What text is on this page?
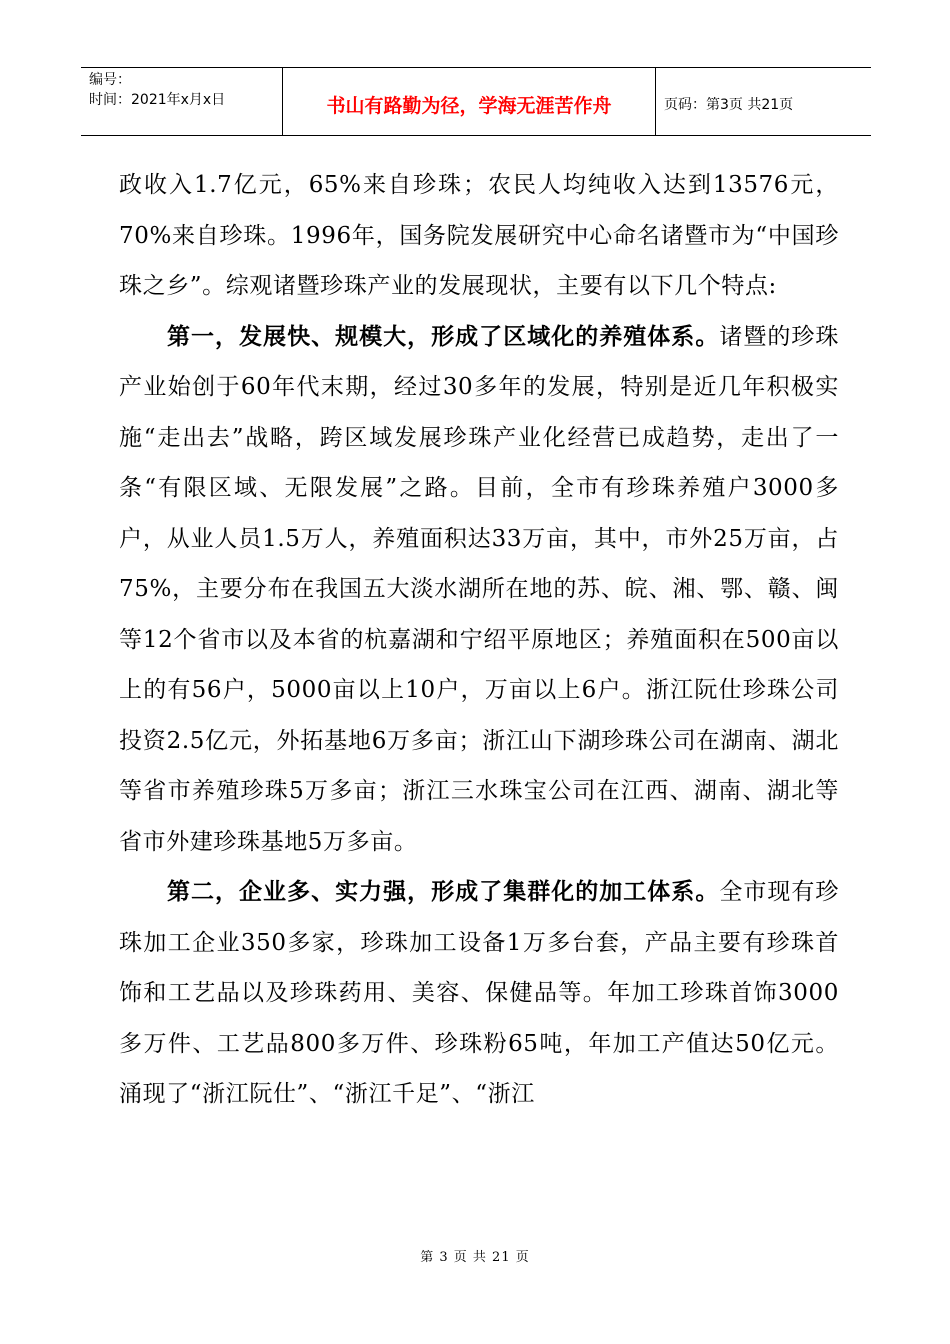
编号：
时间：2021年x月x日	书山有路勤为径，学海无涯苦作舟	页码：第3页 共21页

政收入1.7亿元，65%来自珍珠；农民人均纯收入达到13576元，70%来自珍珠。1996年，国务院发展研究中心命名诸暨市为“中国珍珠之乡”。综观诸暨珍珠产业的发展现状，主要有以下几个特点:

第一，发展快、规模大，形成了区域化的养殖体系。诸暨的珍珠产业始创于60年代末期，经过30多年的发展，特别是近几年积极实施“走出去”战略，跨区域发展珍珠产业化经营已成趋势，走出了一条“有限区域、无限发展”之路。目前，全市有珍珠养殖户3000多户，从业人员1.5万人，养殖面积达33万亩，其中，市外25万亩，占75%，主要分布在我国五大淡水湖所在地的苏、皖、湘、鄂、赣、闽等12个省市以及本省的杭嘉湖和宁绍平原地区；养殖面积在500亩以上的有56户，5000亩以上10户，万亩以上6户。浙江阮仕珍珠公司投资2.5亿元，外拓基地6万多亩；浙江山下湖珍珠公司在湖南、湖北等省市养殖珍珠5万多亩；浙江三水珠宝公司在江西、湖南、湖北等省市外建珍珠基地5万多亩。

第二，企业多、实力强，形成了集群化的加工体系。全市现有珍珠加工企业350多家，珍珠加工设备1万多台套，产品主要有珍珠首饰和工艺品以及珍珠药用、美容、保健品等。年加工珍珠首饰3000多万件、工艺品800多万件、珍珠粉65吨，年加工产值达50亿元。涌现了“浙江阮仕”、“浙江千足”、“浙江

第 3 页 共 21 页
